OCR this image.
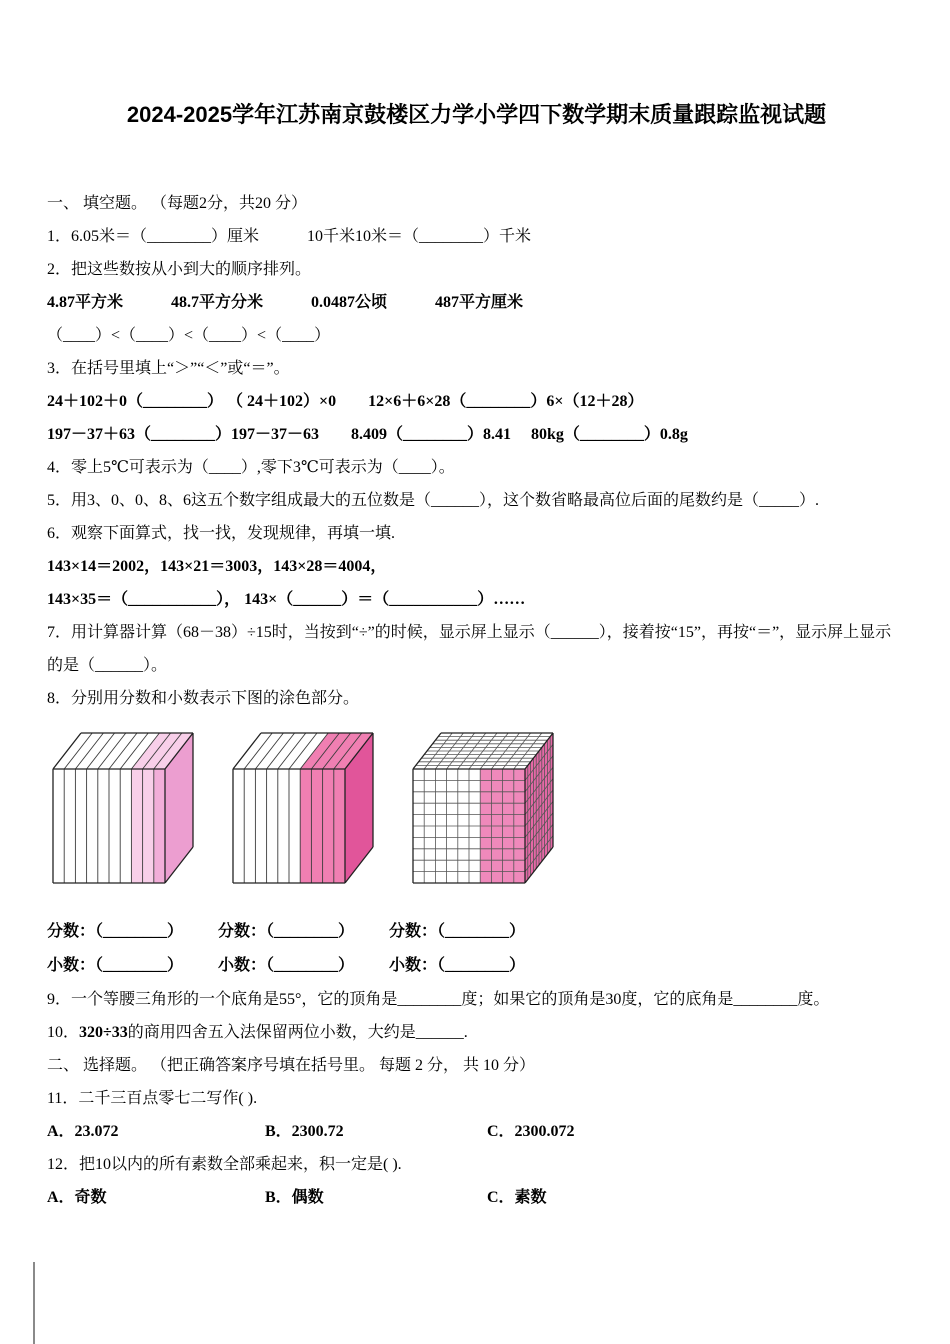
2024-2025学年江苏南京鼓楼区力学小学四下数学期末质量跟踪监视试题
一、 填空题。 （每题2分，共20 分）
1．6.05米＝（________）厘米　　　10千米10米＝（________）千米
2．把这些数按从小到大的顺序排列。
4.87平方米　　　48.7平方分米　　　0.0487公顷　　　487平方厘米
（____）<（____）<（____）<（____）
3．在括号里填上“＞”“＜”或“＝”。
24＋102＋0（________） （ 24＋102）×0　　12×6＋6×28（________）6×（12＋28）
197－37＋63（________）197－37－63　　8.409（________）8.41　 80kg（________）0.8g
4．零上5℃可表示为（____）,零下3℃可表示为（____）。
5．用3、0、0、8、6这五个数字组成最大的五位数是（______），这个数省略最高位后面的尾数约是（_____）.
6．观察下面算式，找一找，发现规律，再填一填.
143×14＝2002，143×21＝3003，143×28＝4004，
143×35＝（___________）， 143×（______）＝（___________）……
7．用计算器计算（68－38）÷15时，当按到“÷”的时候，显示屏上显示（______），接着按“15”，再按“＝”，显示屏上显示的是（______）。
8．分别用分数和小数表示下图的涂色部分。
分数：（________）	分数：（________）	分数：（________）
小数：（________）	小数：（________）	小数：（________）
9．一个等腰三角形的一个底角是55°，它的顶角是________度；如果它的顶角是30度，它的底角是________度。
10．320÷33的商用四舍五入法保留两位小数，大约是______.
二、 选择题。 （把正确答案序号填在括号里。 每题 2 分， 共 10 分）
11．二千三百点零七二写作( ).
A．23.072	B．2300.72	C．2300.072
12．把10以内的所有素数全部乘起来，积一定是( ).
A．奇数	B．偶数	C．素数
